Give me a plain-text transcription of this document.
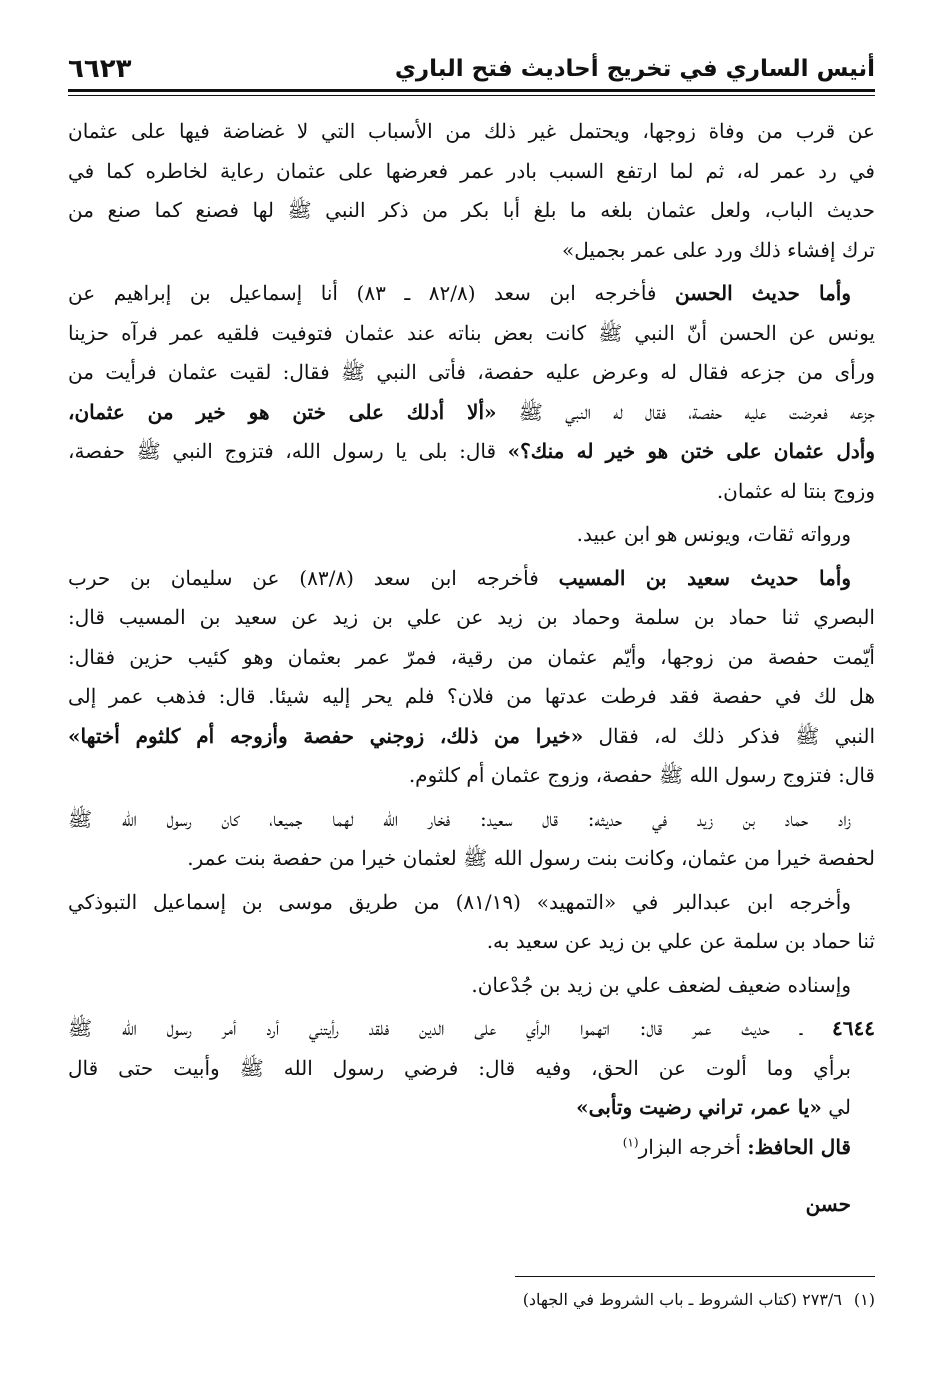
أنيس الساري في تخريج أحاديث فتح الباري
٦٦٢٣
عن قرب من وفاة زوجها، ويحتمل غير ذلك من الأسباب التي لا غضاضة فيها على عثمان
في رد عمر له، ثم لما ارتفع السبب بادر عمر فعرضها على عثمان رعاية لخاطره كما في
حديث الباب، ولعل عثمان بلغه ما بلغ أبا بكر من ذكر النبي ﷺ لها فصنع كما صنع من
ترك إفشاء ذلك ورد على عمر بجميل»
وأما حديث الحسن فأخرجه ابن سعد (٨٢/٨ ـ ٨٣) أنا إسماعيل بن إبراهيم عن
يونس عن الحسن أنّ النبي ﷺ كانت بعض بناته عند عثمان فتوفيت فلقيه عمر فرآه حزينا
ورأى من جزعه فقال له وعرض عليه حفصة، فأتى النبي ﷺ فقال: لقيت عثمان فرأيت من
جزعه فعرضت عليه حفصة، فقال له النبي ﷺ «ألا أدلك على ختن هو خير من عثمان،
وأدل عثمان على ختن هو خير له منك؟» قال: بلى يا رسول الله، فتزوج النبي ﷺ حفصة،
وزوج بنتا له عثمان.
ورواته ثقات، ويونس هو ابن عبيد.
وأما حديث سعيد بن المسيب فأخرجه ابن سعد (٨٣/٨) عن سليمان بن حرب
البصري ثنا حماد بن سلمة وحماد بن زيد عن علي بن زيد عن سعيد بن المسيب قال:
أيّمت حفصة من زوجها، وأيّم عثمان من رقية، فمرّ عمر بعثمان وهو كئيب حزين فقال:
هل لك في حفصة فقد فرطت عدتها من فلان؟ فلم يحر إليه شيئا. قال: فذهب عمر إلى
النبي ﷺ فذكر ذلك له، فقال «خيرا من ذلك، زوجني حفصة وأزوجه أم كلثوم أختها»
قال: فتزوج رسول الله ﷺ حفصة، وزوج عثمان أم كلثوم.
زاد حماد بن زيد في حديثه: قال سعيد: فخار الله لهما جميعا، كان رسول الله ﷺ
لحفصة خيرا من عثمان، وكانت بنت رسول الله ﷺ لعثمان خيرا من حفصة بنت عمر.
وأخرجه ابن عبدالبر في «التمهيد» (٨١/١٩) من طريق موسى بن إسماعيل التبوذكي
ثنا حماد بن سلمة عن علي بن زيد عن سعيد به.
وإسناده ضعيف لضعف علي بن زيد بن جُدْعان.
٤٦٤٤ ـ حديث عمر قال: اتهموا الرأي على الدين فلقد رأيتني أرد أمر رسول الله ﷺ
برأي وما ألوت عن الحق، وفيه قال: فرضي رسول الله ﷺ وأبيت حتى قال
لي «يا عمر، تراني رضيت وتأبى»
قال الحافظ: أخرجه البزار$^{(١)}$
حسن
(١)٢٧٣/٦ (كتاب الشروط ـ باب الشروط في الجهاد)
